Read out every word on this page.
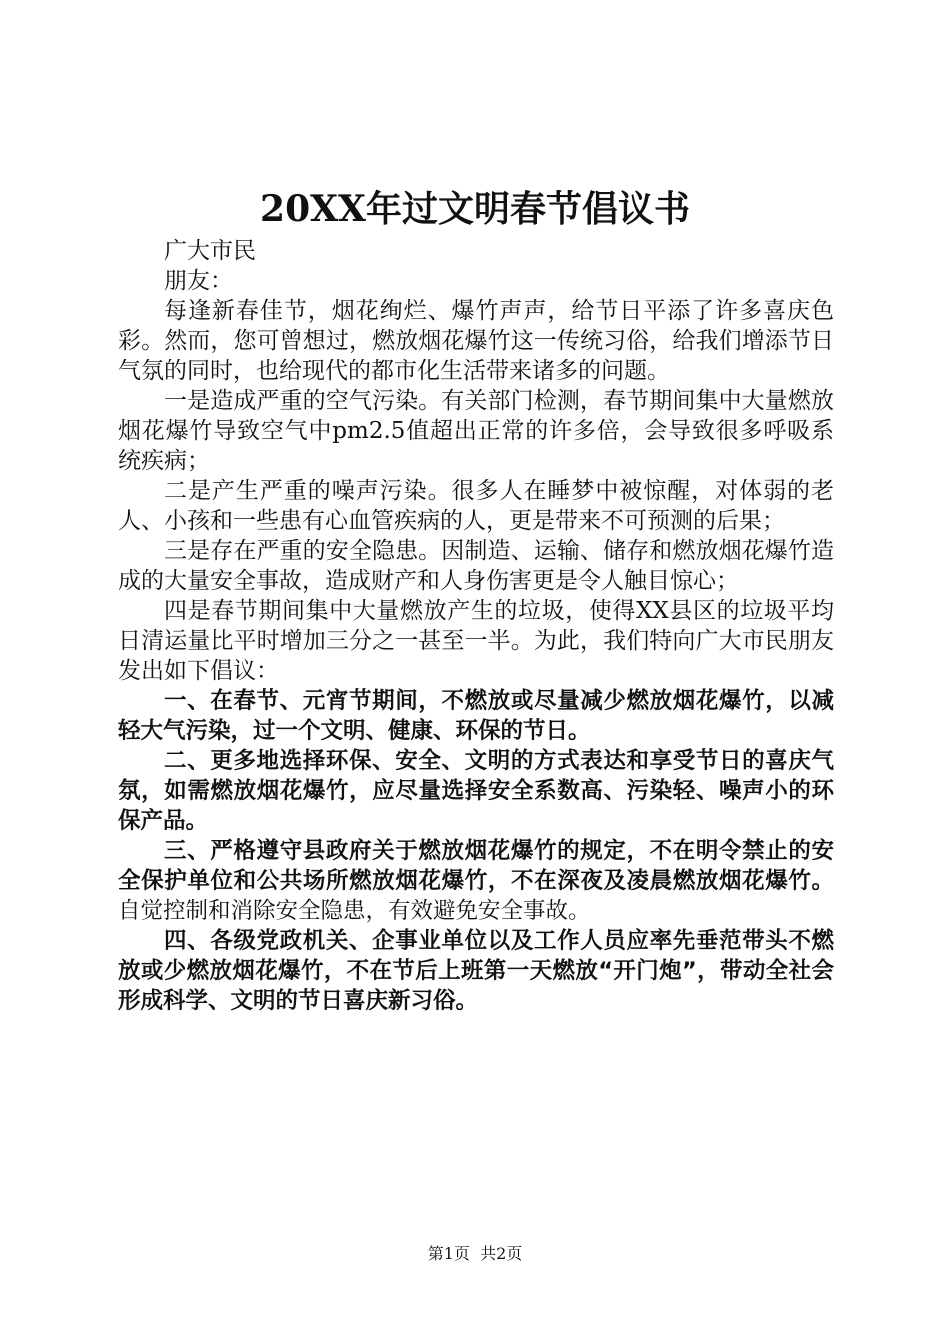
20XX年过文明春节倡议书

广大市民

朋友：

每逢新春佳节，烟花绚烂、爆竹声声，给节日平添了许多喜庆色彩。然而，您可曾想过，燃放烟花爆竹这一传统习俗，给我们增添节日气氛的同时，也给现代的都市化生活带来诸多的问题。

一是造成严重的空气污染。有关部门检测，春节期间集中大量燃放烟花爆竹导致空气中pm2.5值超出正常的许多倍，会导致很多呼吸系统疾病；

二是产生严重的噪声污染。很多人在睡梦中被惊醒，对体弱的老人、小孩和一些患有心血管疾病的人，更是带来不可预测的后果；

三是存在严重的安全隐患。因制造、运输、储存和燃放烟花爆竹造成的大量安全事故，造成财产和人身伤害更是令人触目惊心；

四是春节期间集中大量燃放产生的垃圾，使得XX县区的垃圾平均日清运量比平时增加三分之一甚至一半。为此，我们特向广大市民朋友发出如下倡议：

一、在春节、元宵节期间，不燃放或尽量减少燃放烟花爆竹，以减轻大气污染，过一个文明、健康、环保的节日。

二、更多地选择环保、安全、文明的方式表达和享受节日的喜庆气氛，如需燃放烟花爆竹，应尽量选择安全系数高、污染轻、噪声小的环保产品。

三、严格遵守县政府关于燃放烟花爆竹的规定，不在明令禁止的安全保护单位和公共场所燃放烟花爆竹，不在深夜及凌晨燃放烟花爆竹。自觉控制和消除安全隐患，有效避免安全事故。

四、各级党政机关、企事业单位以及工作人员应率先垂范带头不燃放或少燃放烟花爆竹，不在节后上班第一天燃放“开门炮”，带动全社会形成科学、文明的节日喜庆新习俗。

第1页 共2页
